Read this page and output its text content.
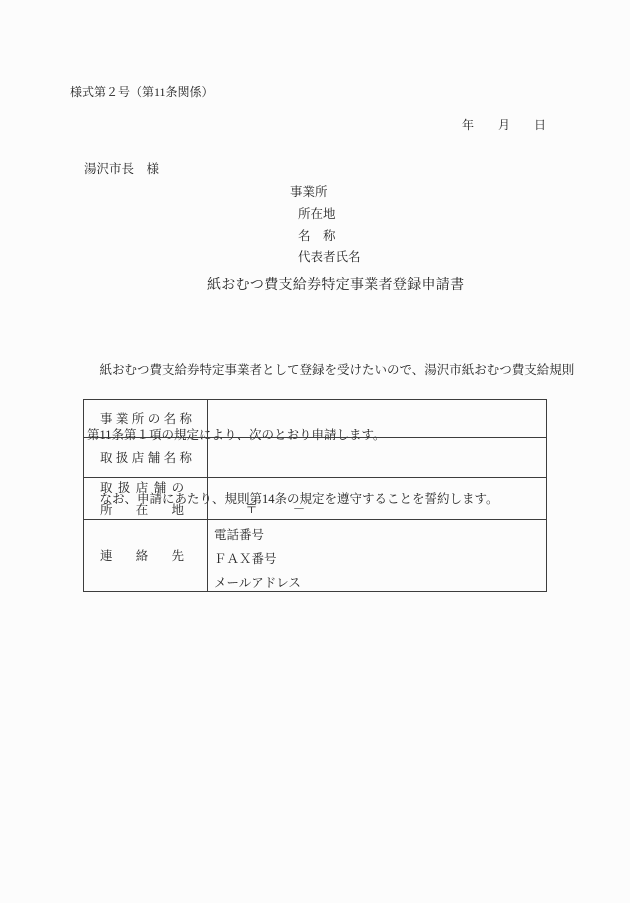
様式第２号（第11条関係）
年　　月　　日
湯沢市長　様
事業所
所在地
名　称
代表者氏名
紙おむつ費支給券特定事業者登録申請書

　紙おむつ費支給券特定事業者として登録を受けたいので、湯沢市紙おむつ費支給規則

第11条第１項の規定により、次のとおり申請します。

　なお、申請にあたり、規則第14条の規定を遵守することを誓約します。

事業所の名称
取扱店舗名称
取扱店舗の
所在地	〒	－

連絡先
電話番号
ＦＡＸ番号
メールアドレス
